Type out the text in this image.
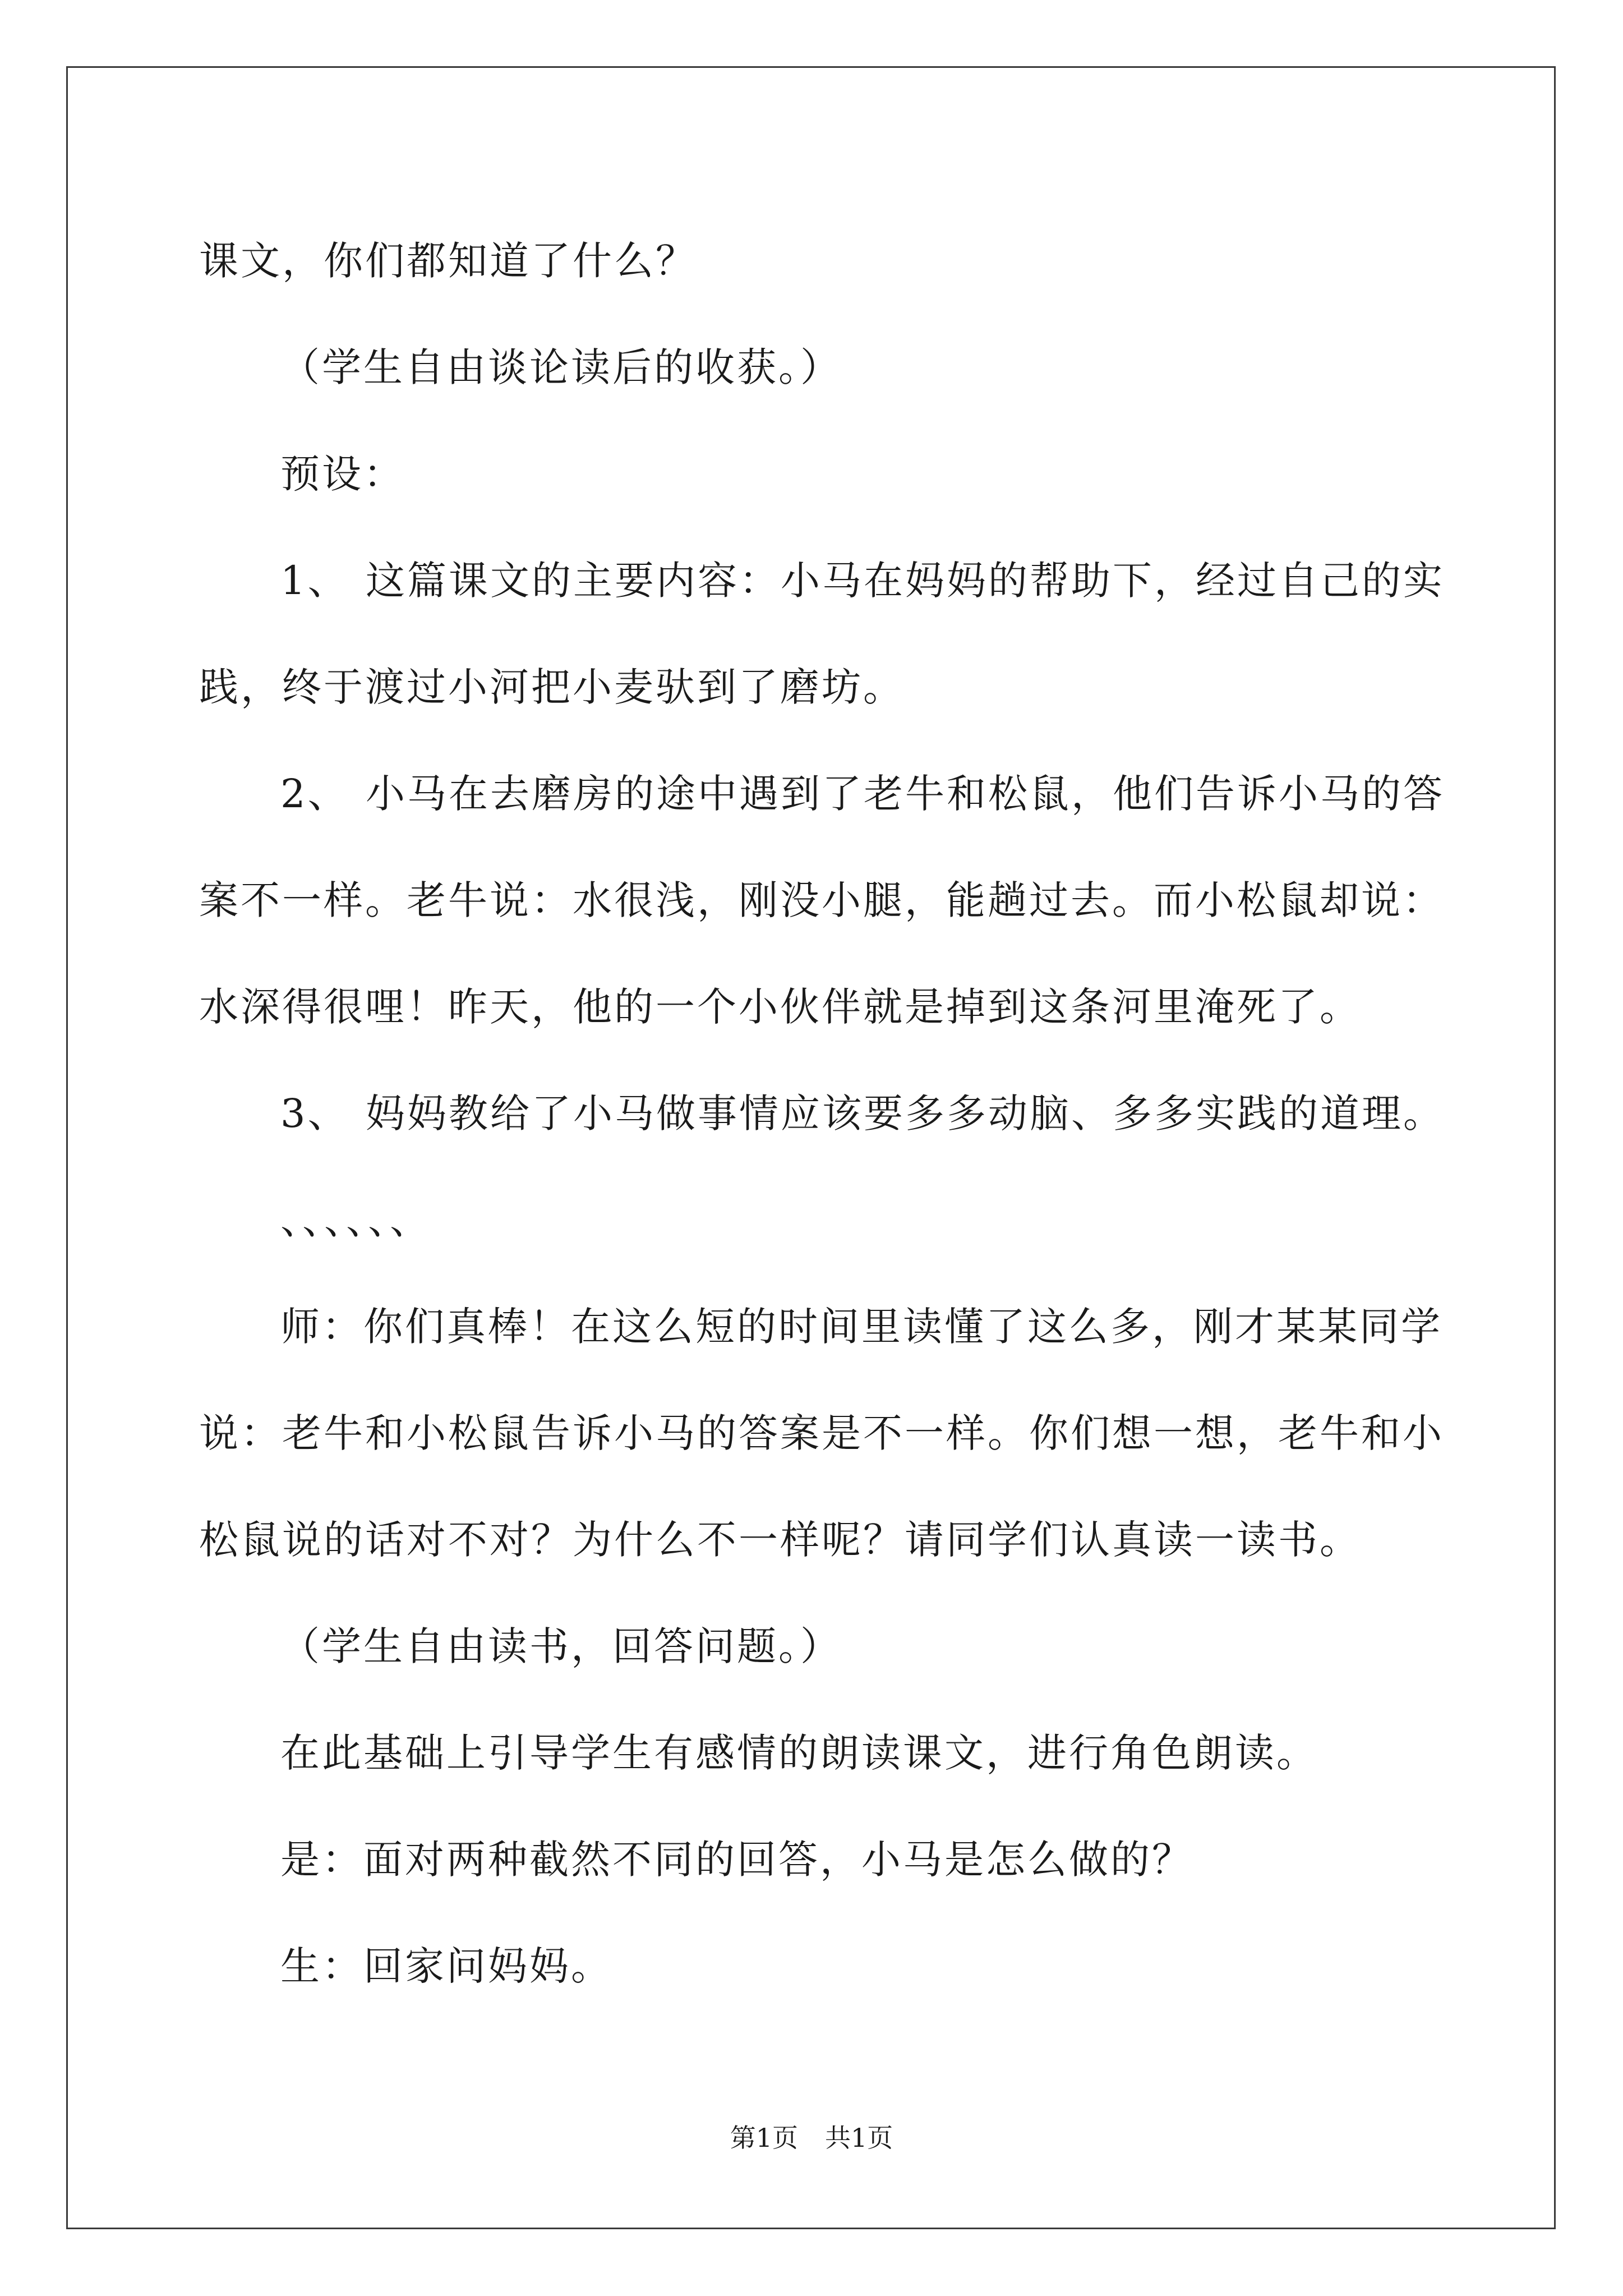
课文，你们都知道了什么？

（学生自由谈论读后的收获。）

预设：

1、 这篇课文的主要内容：小马在妈妈的帮助下，经过自己的实

践，终于渡过小河把小麦驮到了磨坊。

2、 小马在去磨房的途中遇到了老牛和松鼠，他们告诉小马的答

案不一样。老牛说：水很浅，刚没小腿，能趟过去。而小松鼠却说：

水深得很哩！昨天，他的一个小伙伴就是掉到这条河里淹死了。

3、 妈妈教给了小马做事情应该要多多动脑、多多实践的道理。

、、、、、、

师：你们真棒！在这么短的时间里读懂了这么多，刚才某某同学

说：老牛和小松鼠告诉小马的答案是不一样。你们想一想，老牛和小

松鼠说的话对不对？为什么不一样呢？请同学们认真读一读书。

（学生自由读书，回答问题。）

在此基础上引导学生有感情的朗读课文，进行角色朗读。

是：面对两种截然不同的回答，小马是怎么做的？

生：回家问妈妈。

第1页 共1页
